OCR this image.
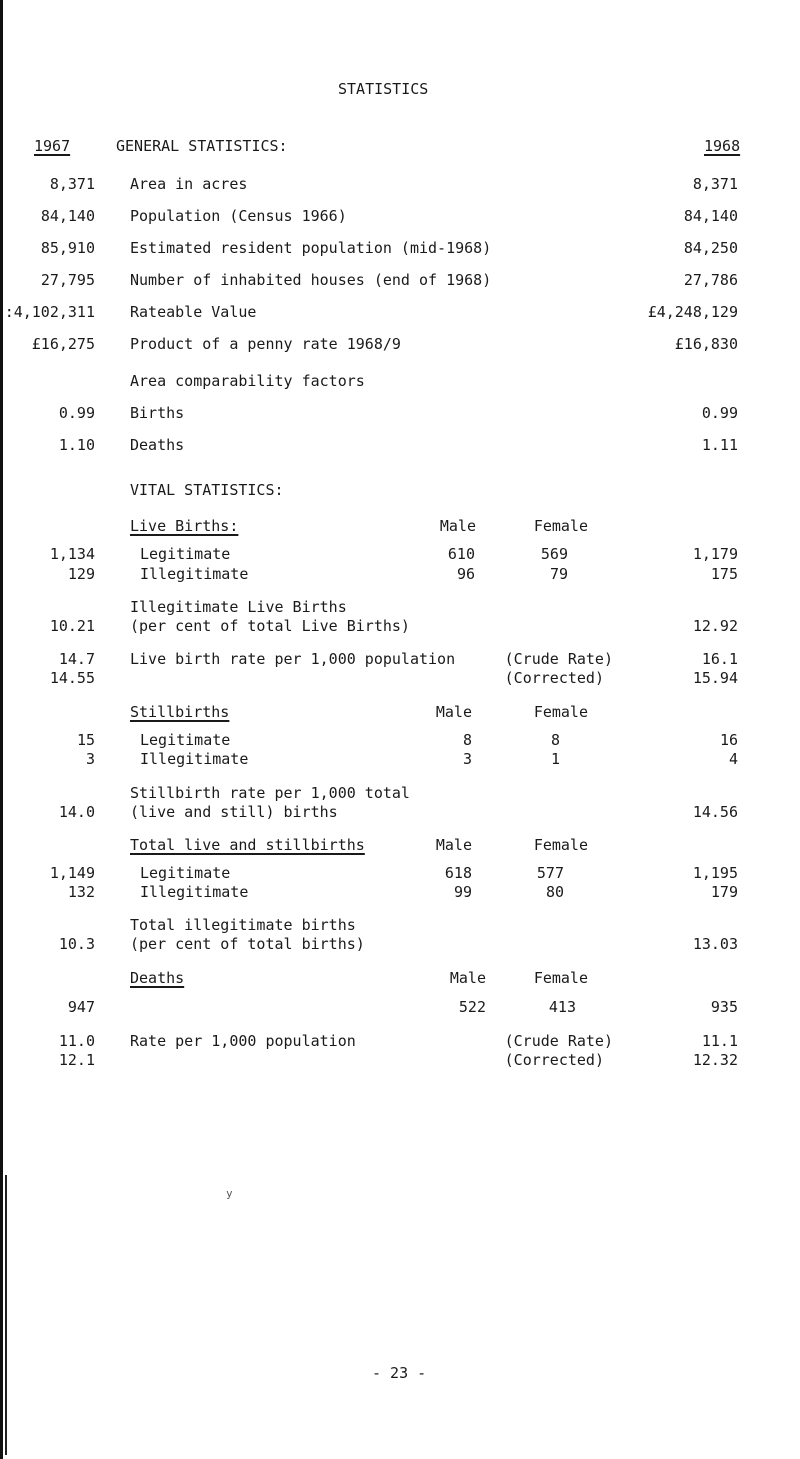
STATISTICS
1967	GENERAL STATISTICS:	1968
8,371 Area in acres	8,371
84,140 Population (Census 1966)	84,140
85,910 Estimated resident population (mid-1968)	84,250
27,795 Number of inhabited houses (end of 1968)	27,786
:4,102,311 Rateable Value	£4,248,129
£16,275 Product of a penny rate 1968/9	£16,830
Area comparability factors
0.99 Births	0.99
1.10 Deaths	1.11
VITAL STATISTICS:
Live Births:	Male	Female
1,134	Legitimate	610	569	1,179
129	Illegitimate	96	79	175
Illegitimate Live Births
10.21 (per cent of total Live Births)	12.92
14.7 Live birth rate per 1,000 population	(Crude Rate)	16.1
14.55	(Corrected)	15.94
Stillbirths	Male	Female
15	Legitimate	8	8	16
3	Illegitimate	3	1	4
Stillbirth rate per 1,000 total
14.0 (live and still) births	14.56
Total live and stillbirths	Male	Female
1,149	Legitimate	618	577	1,195
132	Illegitimate	99	80	179
Total illegitimate births
10.3 (per cent of total births)	13.03
Deaths	Male	Female
947	522	413	935
11.0 Rate per 1,000 population	(Crude Rate)	11.1
12.1	(Corrected)	12.32
y
- 23 -
